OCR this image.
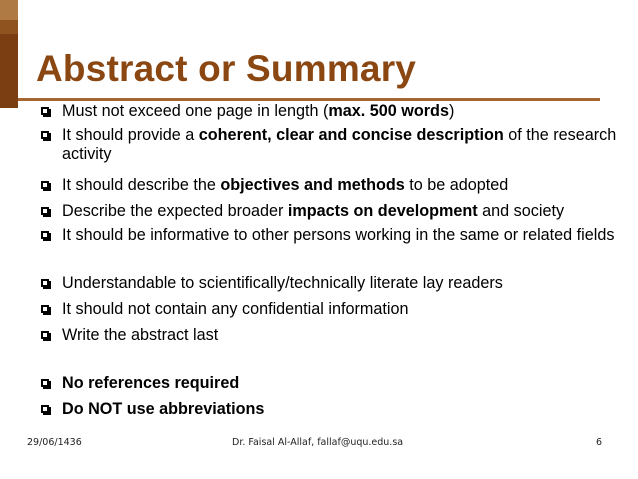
Abstract or Summary
Must not exceed one page in length (max. 500 words)
It should provide a coherent, clear and concise description of the research activity
It should describe the objectives and methods to be adopted
Describe the expected broader impacts on development and society
It should be informative to other persons working in the same or related fields
Understandable to scientifically/technically literate lay readers
It should not contain any confidential information
Write the abstract last
No references required
Do NOT use abbreviations
29/06/1436	Dr. Faisal Al-Allaf, fallaf@uqu.edu.sa	6
